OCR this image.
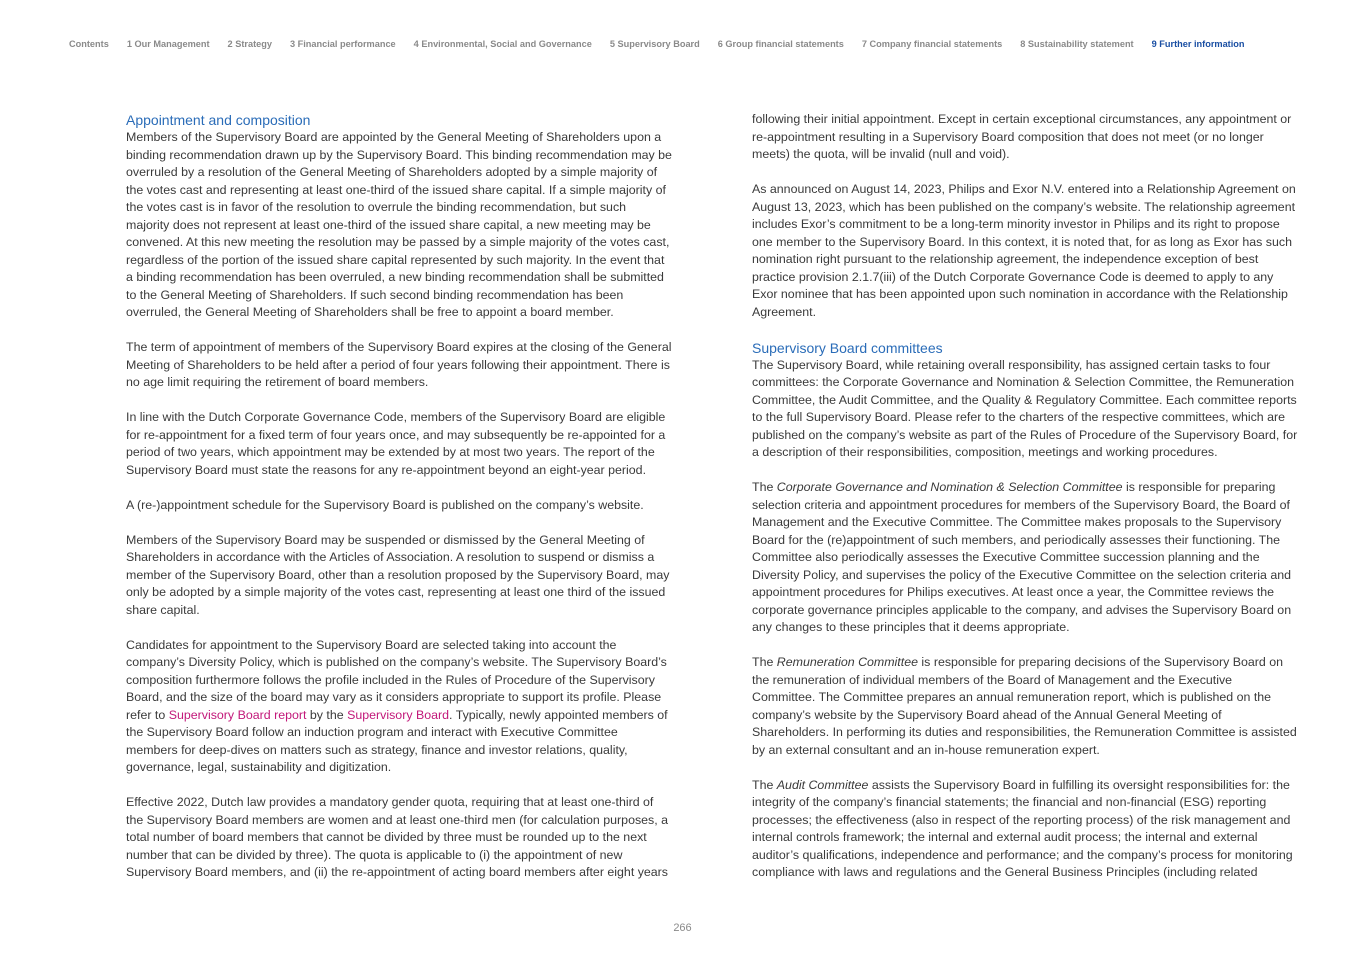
Contents 1 Our Management 2 Strategy 3 Financial performance 4 Environmental, Social and Governance 5 Supervisory Board 6 Group financial statements 7 Company financial statements 8 Sustainability statement 9 Further information
Appointment and composition

Members of the Supervisory Board are appointed by the General Meeting of Shareholders upon a binding recommendation drawn up by the Supervisory Board. This binding recommendation may be overruled by a resolution of the General Meeting of Shareholders adopted by a simple majority of the votes cast and representing at least one-third of the issued share capital. If a simple majority of the votes cast is in favor of the resolution to overrule the binding recommendation, but such majority does not represent at least one-third of the issued share capital, a new meeting may be convened. At this new meeting the resolution may be passed by a simple majority of the votes cast, regardless of the portion of the issued share capital represented by such majority. In the event that a binding recommendation has been overruled, a new binding recommendation shall be submitted to the General Meeting of Shareholders. If such second binding recommendation has been overruled, the General Meeting of Shareholders shall be free to appoint a board member.

The term of appointment of members of the Supervisory Board expires at the closing of the General Meeting of Shareholders to be held after a period of four years following their appointment. There is no age limit requiring the retirement of board members.

In line with the Dutch Corporate Governance Code, members of the Supervisory Board are eligible for re-appointment for a fixed term of four years once, and may subsequently be re-appointed for a period of two years, which appointment may be extended by at most two years. The report of the Supervisory Board must state the reasons for any re-appointment beyond an eight-year period.

A (re-)appointment schedule for the Supervisory Board is published on the company’s website.

Members of the Supervisory Board may be suspended or dismissed by the General Meeting of Shareholders in accordance with the Articles of Association. A resolution to suspend or dismiss a member of the Supervisory Board, other than a resolution proposed by the Supervisory Board, may only be adopted by a simple majority of the votes cast, representing at least one third of the issued share capital.

Candidates for appointment to the Supervisory Board are selected taking into account the company’s Diversity Policy, which is published on the company’s website. The Supervisory Board’s composition furthermore follows the profile included in the Rules of Procedure of the Supervisory Board, and the size of the board may vary as it considers appropriate to support its profile. Please refer to Supervisory Board report by the Supervisory Board. Typically, newly appointed members of the Supervisory Board follow an induction program and interact with Executive Committee members for deep-dives on matters such as strategy, finance and investor relations, quality, governance, legal, sustainability and digitization.

Effective 2022, Dutch law provides a mandatory gender quota, requiring that at least one-third of the Supervisory Board members are women and at least one-third men (for calculation purposes, a total number of board members that cannot be divided by three must be rounded up to the next number that can be divided by three). The quota is applicable to (i) the appointment of new Supervisory Board members, and (ii) the re-appointment of acting board members after eight years

following their initial appointment. Except in certain exceptional circumstances, any appointment or re-appointment resulting in a Supervisory Board composition that does not meet (or no longer meets) the quota, will be invalid (null and void).

As announced on August 14, 2023, Philips and Exor N.V. entered into a Relationship Agreement on August 13, 2023, which has been published on the company’s website. The relationship agreement includes Exor’s commitment to be a long-term minority investor in Philips and its right to propose one member to the Supervisory Board. In this context, it is noted that, for as long as Exor has such nomination right pursuant to the relationship agreement, the independence exception of best practice provision 2.1.7(iii) of the Dutch Corporate Governance Code is deemed to apply to any Exor nominee that has been appointed upon such nomination in accordance with the Relationship Agreement.

Supervisory Board committees

The Supervisory Board, while retaining overall responsibility, has assigned certain tasks to four committees: the Corporate Governance and Nomination & Selection Committee, the Remuneration Committee, the Audit Committee, and the Quality & Regulatory Committee. Each committee reports to the full Supervisory Board. Please refer to the charters of the respective committees, which are published on the company’s website as part of the Rules of Procedure of the Supervisory Board, for a description of their responsibilities, composition, meetings and working procedures.

The Corporate Governance and Nomination & Selection Committee is responsible for preparing selection criteria and appointment procedures for members of the Supervisory Board, the Board of Management and the Executive Committee. The Committee makes proposals to the Supervisory Board for the (re)appointment of such members, and periodically assesses their functioning. The Committee also periodically assesses the Executive Committee succession planning and the Diversity Policy, and supervises the policy of the Executive Committee on the selection criteria and appointment procedures for Philips executives. At least once a year, the Committee reviews the corporate governance principles applicable to the company, and advises the Supervisory Board on any changes to these principles that it deems appropriate.

The Remuneration Committee is responsible for preparing decisions of the Supervisory Board on the remuneration of individual members of the Board of Management and the Executive Committee. The Committee prepares an annual remuneration report, which is published on the company’s website by the Supervisory Board ahead of the Annual General Meeting of Shareholders. In performing its duties and responsibilities, the Remuneration Committee is assisted by an external consultant and an in-house remuneration expert.

The Audit Committee assists the Supervisory Board in fulfilling its oversight responsibilities for: the integrity of the company’s financial statements; the financial and non-financial (ESG) reporting processes; the effectiveness (also in respect of the reporting process) of the risk management and internal controls framework; the internal and external audit process; the internal and external auditor’s qualifications, independence and performance; and the company’s process for monitoring compliance with laws and regulations and the General Business Principles (including related

266
